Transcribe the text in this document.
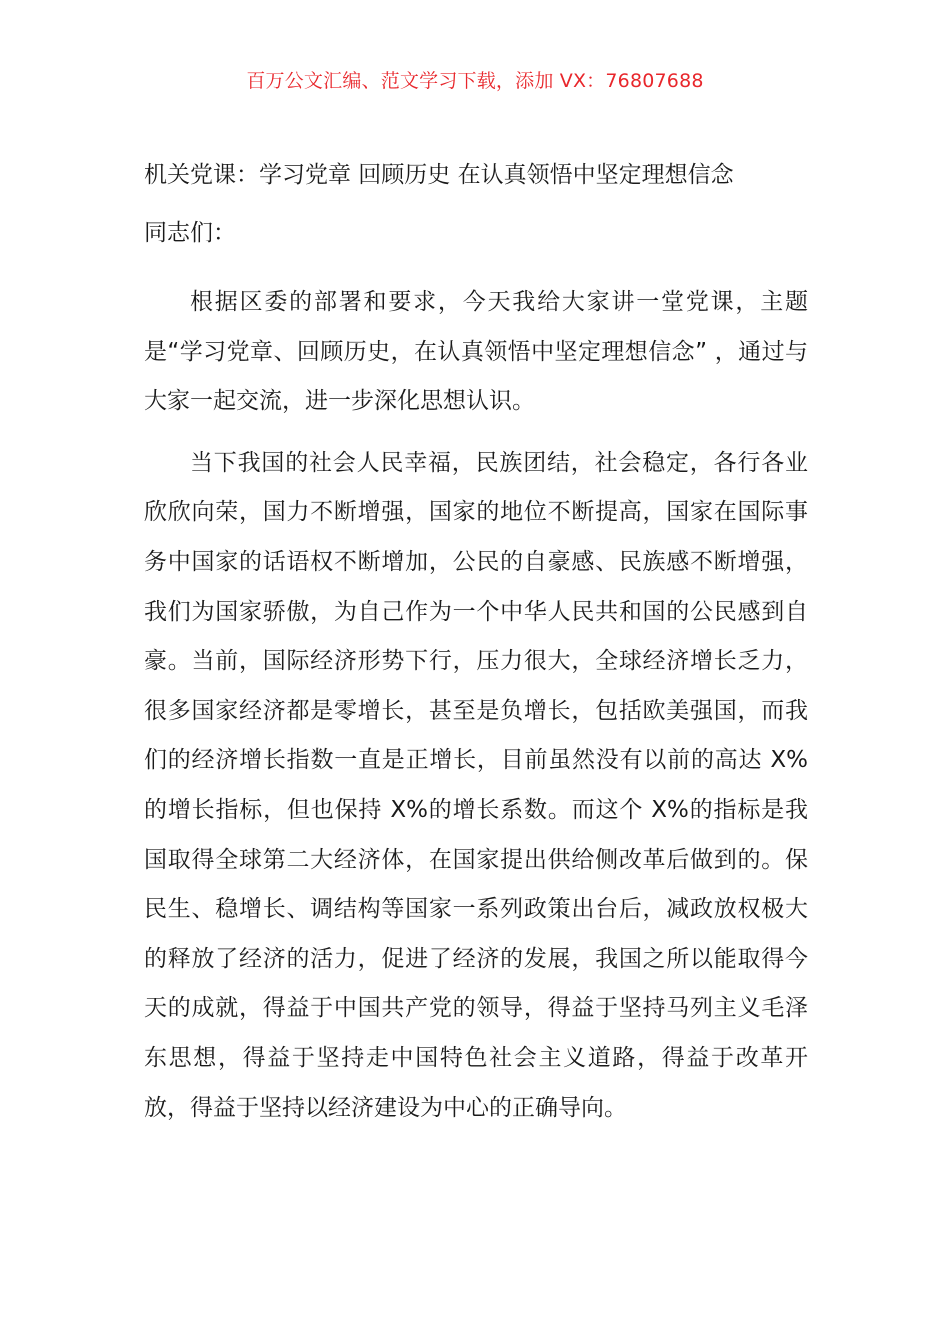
百万公文汇编、范文学习下载，添加 VX：76807688

机关党课：学习党章 回顾历史 在认真领悟中坚定理想信念

同志们：

根据区委的部署和要求，今天我给大家讲一堂党课，主题是“学习党章、回顾历史，在认真领悟中坚定理想信念” ，通过与大家一起交流，进一步深化思想认识。

当下我国的社会人民幸福，民族团结，社会稳定，各行各业欣欣向荣，国力不断增强，国家的地位不断提高，国家在国际事务中国家的话语权不断增加，公民的自豪感、民族感不断增强，我们为国家骄傲，为自己作为一个中华人民共和国的公民感到自豪。当前，国际经济形势下行，压力很大，全球经济增长乏力，很多国家经济都是零增长，甚至是负增长，包括欧美强国，而我们的经济增长指数一直是正增长，目前虽然没有以前的高达 X%的增长指标，但也保持 X%的增长系数。而这个 X%的指标是我国取得全球第二大经济体，在国家提出供给侧改革后做到的。保民生、稳增长、调结构等国家一系列政策出台后，减政放权极大的释放了经济的活力，促进了经济的发展，我国之所以能取得今天的成就，得益于中国共产党的领导，得益于坚持马列主义毛泽东思想，得益于坚持走中国特色社会主义道路，得益于改革开放，得益于坚持以经济建设为中心的正确导向。
